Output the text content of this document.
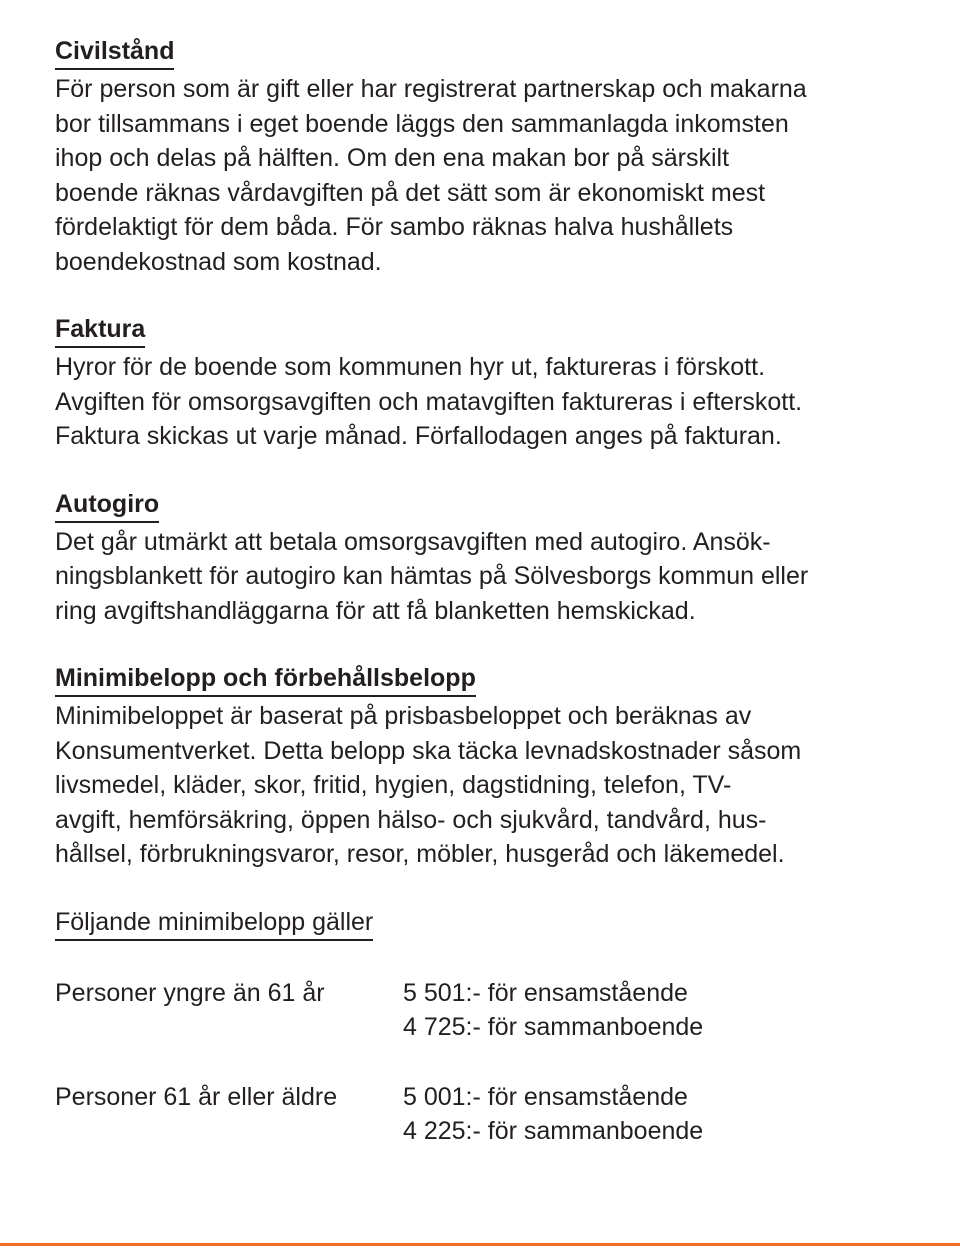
Civilstånd
För person som är gift eller har registrerat partnerskap och makarna
bor tillsammans i eget boende läggs den sammanlagda inkomsten
ihop och delas på hälften. Om den ena makan bor på särskilt
boende räknas vårdavgiften på det sätt som är ekonomiskt mest
fördelaktigt för dem båda. För sambo räknas halva hushållets
boendekostnad som kostnad.
Faktura
Hyror för de boende som kommunen hyr ut, faktureras i förskott.
Avgiften för omsorgsavgiften och matavgiften faktureras i efterskott.
Faktura skickas ut varje månad. Förfallodagen anges på fakturan.
Autogiro
Det går utmärkt att betala omsorgsavgiften med autogiro. Ansök-
ningsblankett för autogiro kan hämtas på Sölvesborgs kommun eller
ring avgiftshandläggarna för att få blanketten hemskickad.
Minimibelopp och förbehållsbelopp
Minimibeloppet är baserat på prisbasbeloppet och beräknas av
Konsumentverket. Detta belopp ska täcka levnadskostnader såsom
livsmedel, kläder, skor, fritid, hygien, dagstidning, telefon, TV-
avgift, hemförsäkring, öppen hälso- och sjukvård, tandvård, hus-
hållsel, förbrukningsvaror, resor, möbler, husgeråd och läkemedel.
Följande minimibelopp gäller
Personer yngre än 61 år	5 501:- för ensamstående
4 725:- för sammanboende
Personer 61 år eller äldre	5 001:- för ensamstående
4 225:- för sammanboende
